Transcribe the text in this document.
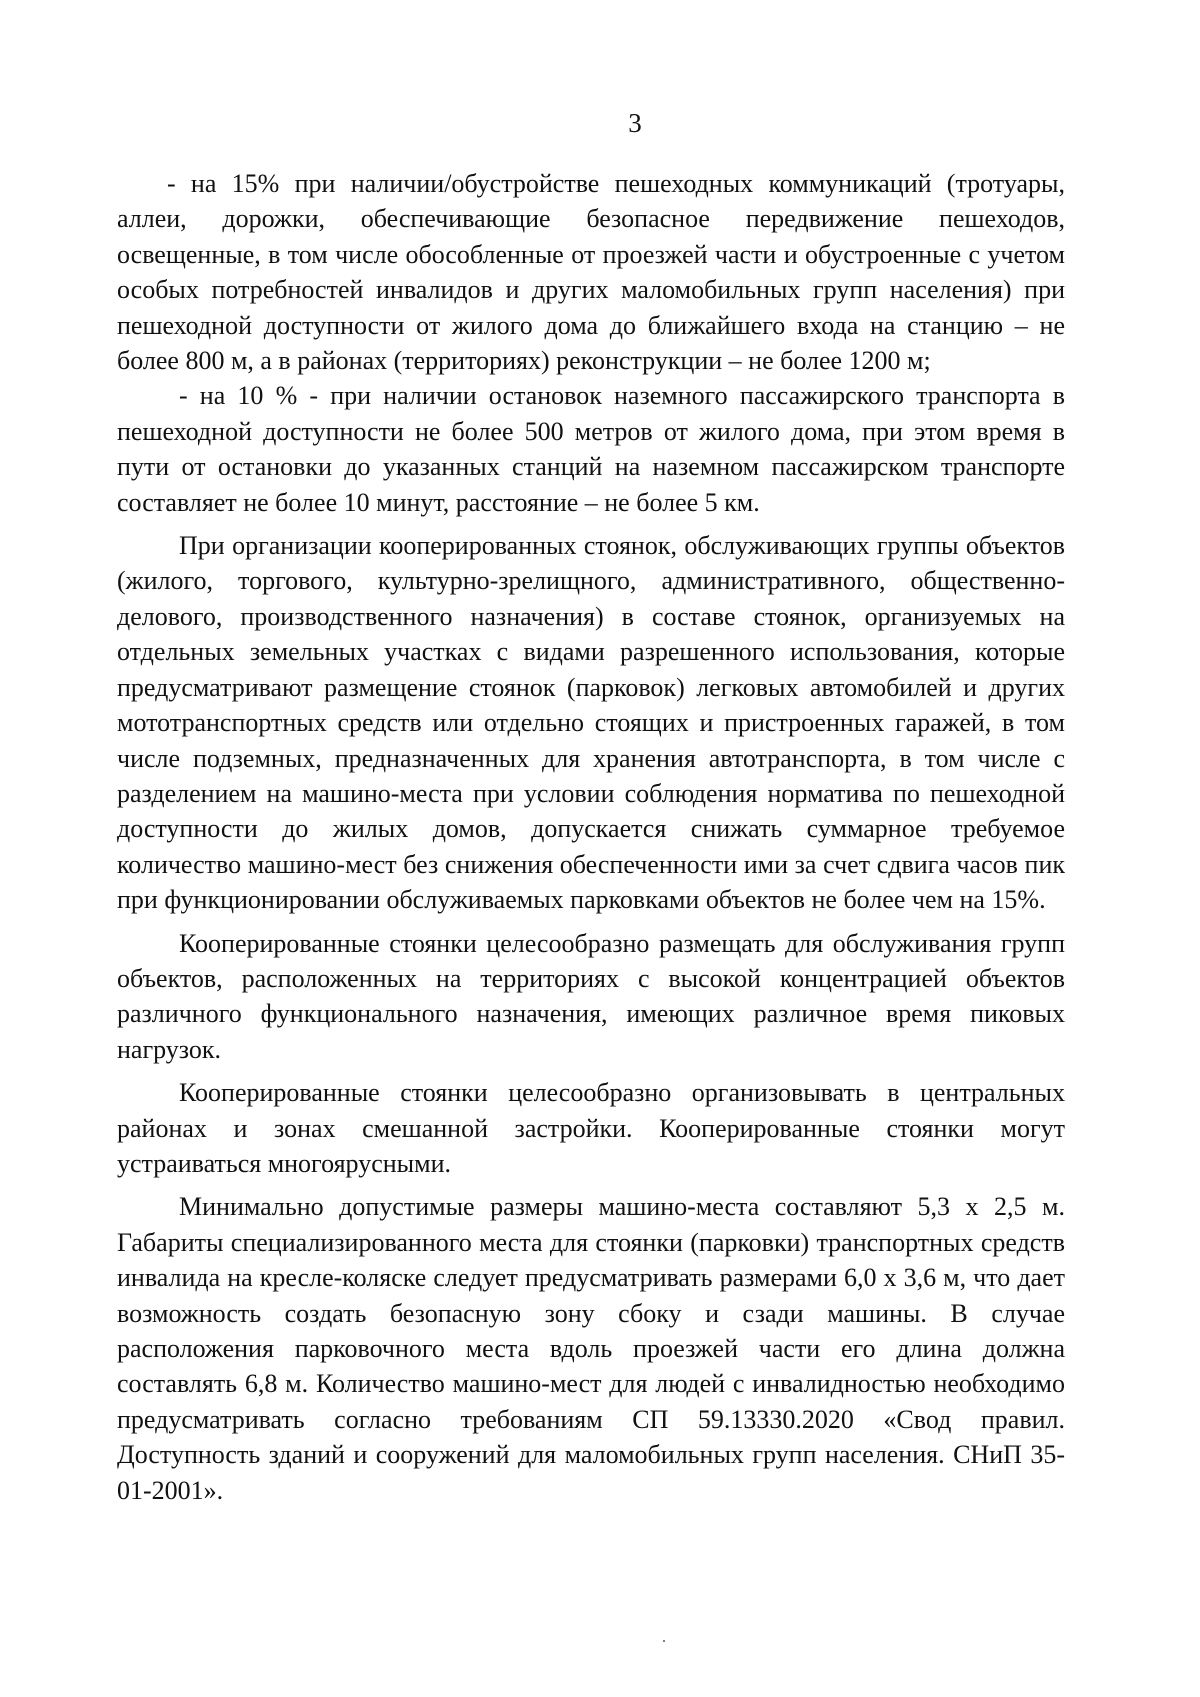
3

- на 15% при наличии/обустройстве пешеходных коммуникаций (тротуары, аллеи, дорожки, обеспечивающие безопасное передвижение пешеходов, освещенные, в том числе обособленные от проезжей части и обустроенные с учетом особых потребностей инвалидов и других маломобильных групп населения) при пешеходной доступности от жилого дома до ближайшего входа на станцию – не более 800 м, а в районах (территориях) реконструкции – не более 1200 м;

- на 10 % - при наличии остановок наземного пассажирского транспорта в пешеходной доступности не более 500 метров от жилого дома, при этом время в пути от остановки до указанных станций на наземном пассажирском транспорте составляет не более 10 минут, расстояние – не более 5 км.

При организации кооперированных стоянок, обслуживающих группы объектов (жилого, торгового, культурно-зрелищного, административного, общественно-делового, производственного назначения) в составе стоянок, организуемых на отдельных земельных участках с видами разрешенного использования, которые предусматривают размещение стоянок (парковок) легковых автомобилей и других мототранспортных средств или отдельно стоящих и пристроенных гаражей, в том числе подземных, предназначенных для хранения автотранспорта, в том числе с разделением на машино-места при условии соблюдения норматива по пешеходной доступности до жилых домов, допускается снижать суммарное требуемое количество машино-мест без снижения обеспеченности ими за счет сдвига часов пик при функционировании обслуживаемых парковками объектов не более чем на 15%.

Кооперированные стоянки целесообразно размещать для обслуживания групп объектов, расположенных на территориях с высокой концентрацией объектов различного функционального назначения, имеющих различное время пиковых нагрузок.

Кооперированные стоянки целесообразно организовывать в центральных районах и зонах смешанной застройки. Кооперированные стоянки могут устраиваться многоярусными.

Минимально допустимые размеры машино-места составляют 5,3 х 2,5 м. Габариты специализированного места для стоянки (парковки) транспортных средств инвалида на кресле-коляске следует предусматривать размерами 6,0 х 3,6 м, что дает возможность создать безопасную зону сбоку и сзади машины. В случае расположения парковочного места вдоль проезжей части его длина должна составлять 6,8 м. Количество машино-мест для людей с инвалидностью необходимо предусматривать согласно требованиям СП 59.13330.2020 «Свод правил. Доступность зданий и сооружений для маломобильных групп населения. СНиП 35-01-2001».
